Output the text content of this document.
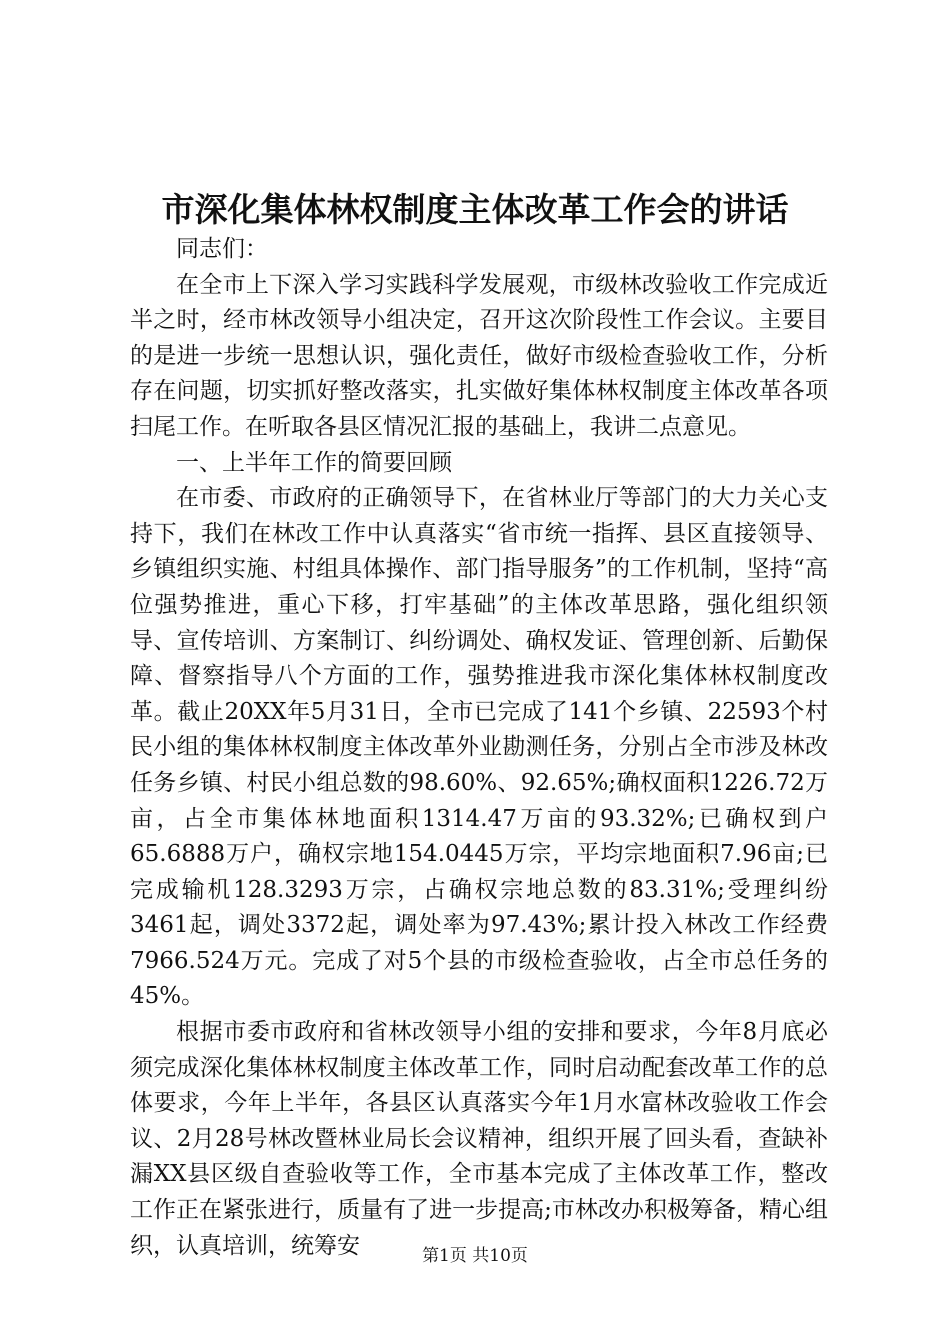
市深化集体林权制度主体改革工作会的讲话

同志们：

在全市上下深入学习实践科学发展观，市级林改验收工作完成近半之时，经市林改领导小组决定，召开这次阶段性工作会议。主要目的是进一步统一思想认识，强化责任，做好市级检查验收工作，分析存在问题，切实抓好整改落实，扎实做好集体林权制度主体改革各项扫尾工作。在听取各县区情况汇报的基础上，我讲二点意见。

一、上半年工作的简要回顾

在市委、市政府的正确领导下，在省林业厅等部门的大力关心支持下，我们在林改工作中认真落实“省市统一指挥、县区直接领导、乡镇组织实施、村组具体操作、部门指导服务”的工作机制，坚持“高位强势推进，重心下移，打牢基础”的主体改革思路，强化组织领导、宣传培训、方案制订、纠纷调处、确权发证、管理创新、后勤保障、督察指导八个方面的工作，强势推进我市深化集体林权制度改革。截止20XX年5月31日，全市已完成了141个乡镇、22593个村民小组的集体林权制度主体改革外业勘测任务，分别占全市涉及林改任务乡镇、村民小组总数的98.60%、92.65%;确权面积1226.72万亩，占全市集体林地面积1314.47万亩的93.32%;已确权到户65.6888万户，确权宗地154.0445万宗，平均宗地面积7.96亩;已完成输机128.3293万宗，占确权宗地总数的83.31%;受理纠纷3461起，调处3372起，调处率为97.43%;累计投入林改工作经费7966.524万元。完成了对5个县的市级检查验收，占全市总任务的45%。

根据市委市政府和省林改领导小组的安排和要求，今年8月底必须完成深化集体林权制度主体改革工作，同时启动配套改革工作的总体要求，今年上半年，各县区认真落实今年1月水富林改验收工作会议、2月28号林改暨林业局长会议精神，组织开展了回头看，查缺补漏XX县区级自查验收等工作，全市基本完成了主体改革工作，整改工作正在紧张进行，质量有了进一步提高;市林改办积极筹备，精心组织，认真培训，统筹安	第1页 共10页
